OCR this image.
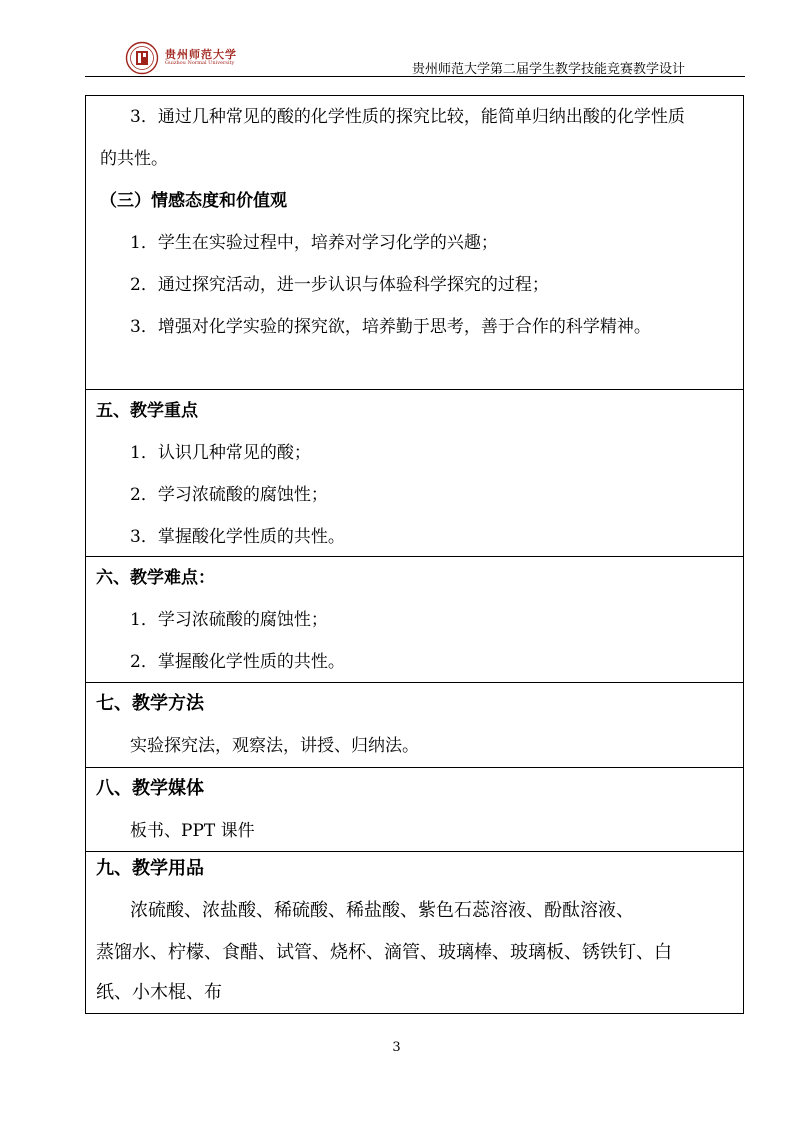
贵州师范大学
Guizhou Normal University	贵州师范大学第二届学生教学技能竞赛教学设计
3．通过几种常见的酸的化学性质的探究比较，能简单归纳出酸的化学性质
的共性。
（三）情感态度和价值观
1．学生在实验过程中，培养对学习化学的兴趣；
2．通过探究活动，进一步认识与体验科学探究的过程；
3．增强对化学实验的探究欲，培养勤于思考，善于合作的科学精神。
五、教学重点
1．认识几种常见的酸；
2．学习浓硫酸的腐蚀性；
3．掌握酸化学性质的共性。
六、教学难点：
1．学习浓硫酸的腐蚀性；
2．掌握酸化学性质的共性。
七、教学方法
实验探究法，观察法，讲授、归纳法。
八、教学媒体
板书、PPT 课件
九、教学用品
浓硫酸、浓盐酸、稀硫酸、稀盐酸、紫色石蕊溶液、酚酞溶液、
蒸馏水、柠檬、食醋、试管、烧杯、滴管、玻璃棒、玻璃板、锈铁钉、白
纸、小木棍、布
3
